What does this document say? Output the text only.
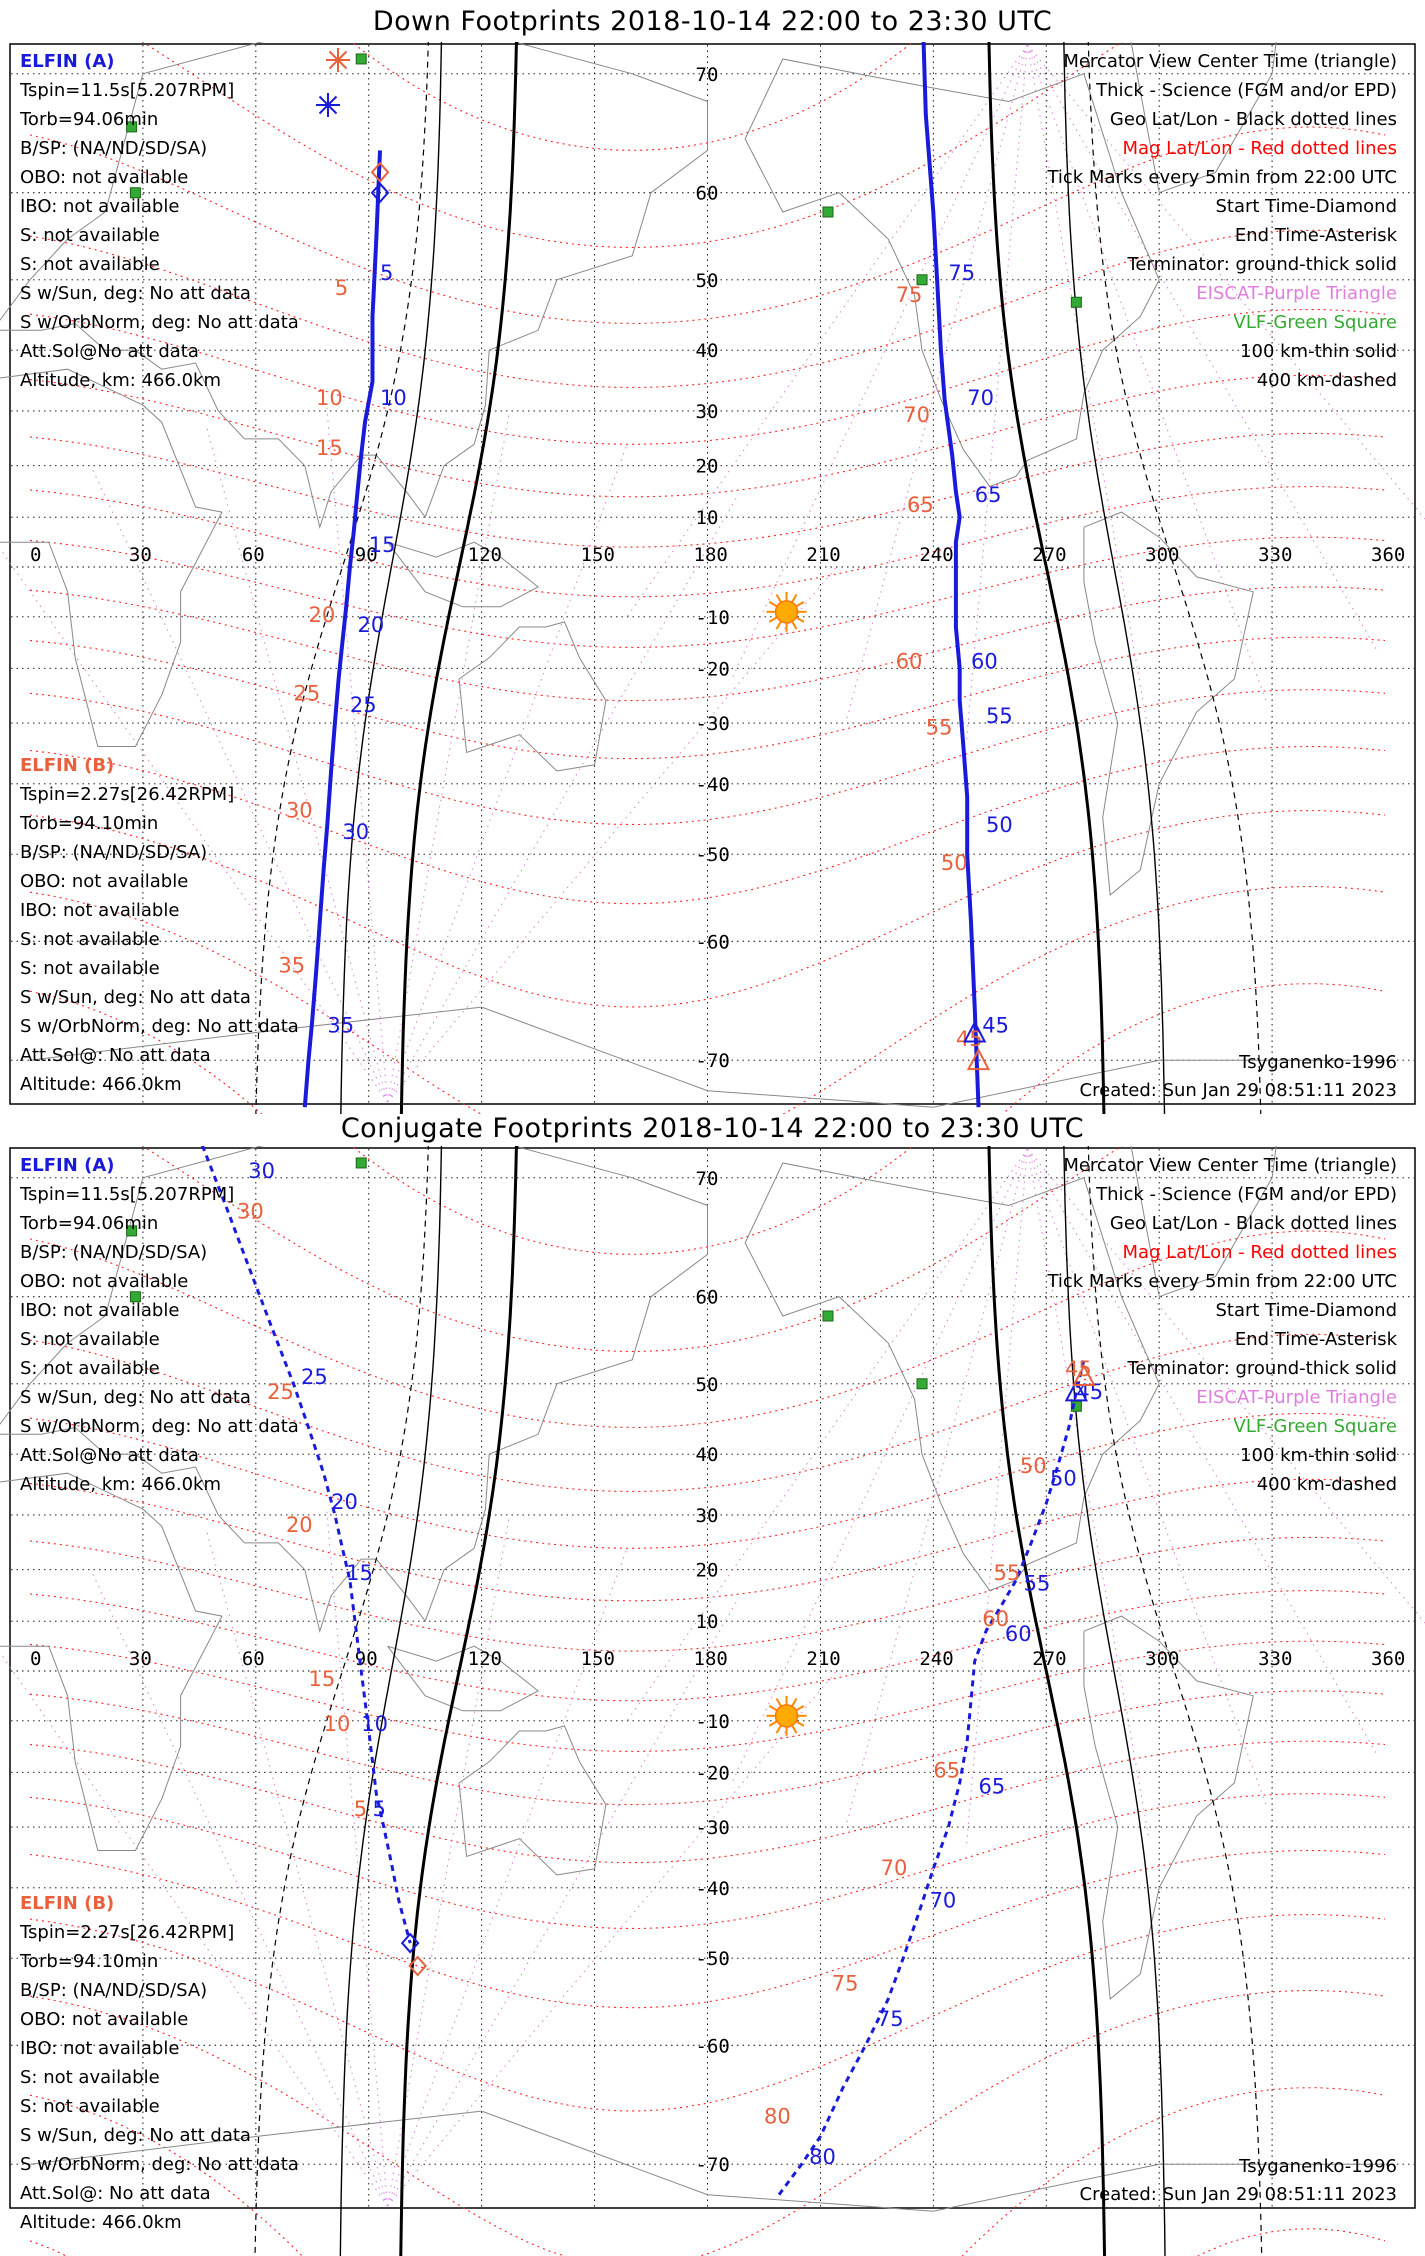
Down Footprints 2018-10-14 22:00 to 23:30 UTC
0	30	60	90	120	150	180	210	240	270	300	330	360
70
60
50
40
30
20
10
-10
-20
-30
-40
-50
-60
-70
5
10
15
20
25
30
35
5
10
15
20
25
30
35
75
70
65
60
55
50
45
75
70
65
60
55
50
45
ELFIN (A)
Tspin=11.5s[5.207RPM]
Torb=94.06min
B/SP: (NA/ND/SD/SA)
OBO: not available
IBO: not available
S: not available
S: not available
S w/Sun, deg: No att data
S w/OrbNorm, deg: No att data
Att.Sol@No att data
Altitude, km: 466.0km
ELFIN (B)
Tspin=2.27s[26.42RPM]
Torb=94.10min
B/SP: (NA/ND/SD/SA)
OBO: not available
IBO: not available
S: not available
S: not available
S w/Sun, deg: No att data
S w/OrbNorm, deg: No att data
Att.Sol@: No att data
Altitude: 466.0km
Mercator View Center Time (triangle)
Thick - Science (FGM and/or EPD)
Geo Lat/Lon - Black dotted lines
Mag Lat/Lon - Red dotted lines
Tick Marks every 5min from 22:00 UTC
Start Time-Diamond
End Time-Asterisk
Terminator: ground-thick solid
EISCAT-Purple Triangle
VLF-Green Square
100 km-thin solid
400 km-dashed
Tsyganenko-1996
Created: Sun Jan 29 08:51:11 2023
Conjugate Footprints 2018-10-14 22:00 to 23:30 UTC
0	30	60	90	120	150	180	210	240	270	300	330	360
70
60
50
40
30
20
10
-10
-20
-30
-40
-50
-60
-70
30
25
20
15
10
5
30
25
20
15
10
5
80
75
70
65
60
55
50
45
80
75
70
65
60
55
50
45
ELFIN (A)
Tspin=11.5s[5.207RPM]
Torb=94.06min
B/SP: (NA/ND/SD/SA)
OBO: not available
IBO: not available
S: not available
S: not available
S w/Sun, deg: No att data
S w/OrbNorm, deg: No att data
Att.Sol@No att data
Altitude, km: 466.0km
ELFIN (B)
Tspin=2.27s[26.42RPM]
Torb=94.10min
B/SP: (NA/ND/SD/SA)
OBO: not available
IBO: not available
S: not available
S: not available
S w/Sun, deg: No att data
S w/OrbNorm, deg: No att data
Att.Sol@: No att data
Altitude: 466.0km
Mercator View Center Time (triangle)
Thick - Science (FGM and/or EPD)
Geo Lat/Lon - Black dotted lines
Mag Lat/Lon - Red dotted lines
Tick Marks every 5min from 22:00 UTC
Start Time-Diamond
End Time-Asterisk
Terminator: ground-thick solid
EISCAT-Purple Triangle
VLF-Green Square
100 km-thin solid
400 km-dashed
Tsyganenko-1996
Created: Sun Jan 29 08:51:11 2023
